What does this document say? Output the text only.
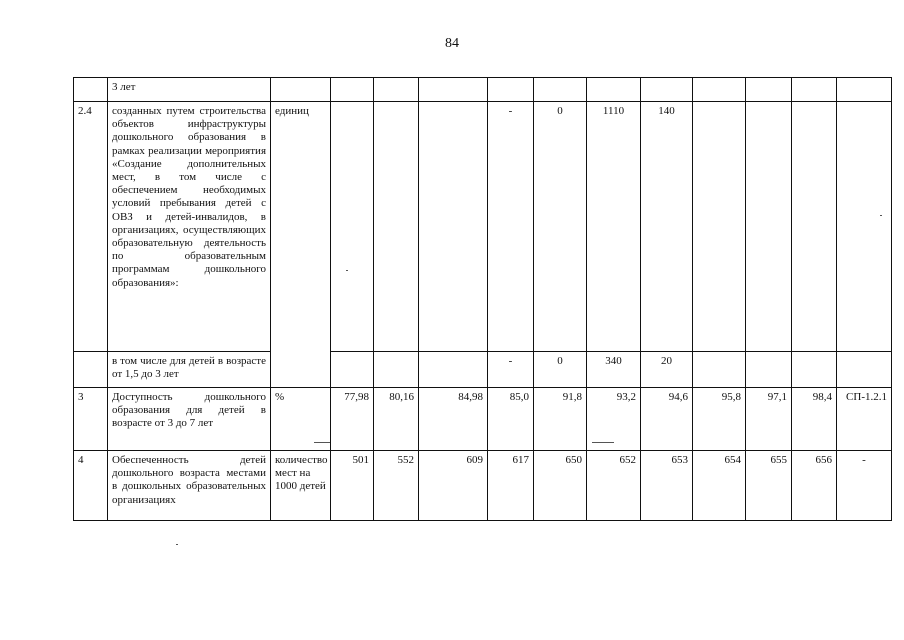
84
	3 лет												
2.4	созданных путем строительства объектов инфраструктуры дошкольного образования в рамках реализации мероприятия «Создание дополнительных мест, в том числе с обеспечением необходимых условий пребывания детей с ОВЗ и детей-инвалидов, в организациях, осуществляющих образовательную деятельность по образовательным программам дошкольного образования»:	единиц				-	0	1110	140				
	в том числе для детей в возрасте от 1,5 до 3 лет					-	0	340	20				
3	Доступность дошкольного образования для детей в возрасте от 3 до 7 лет	%	77,98	80,16	84,98	85,0	91,8	93,2	94,6	95,8	97,1	98,4	СП-1.2.1
4	Обеспеченность детей дошкольного возраста местами в дошкольных образовательных организациях	количество мест на 1000 детей	501	552	609	617	650	652	653	654	655	656	-
